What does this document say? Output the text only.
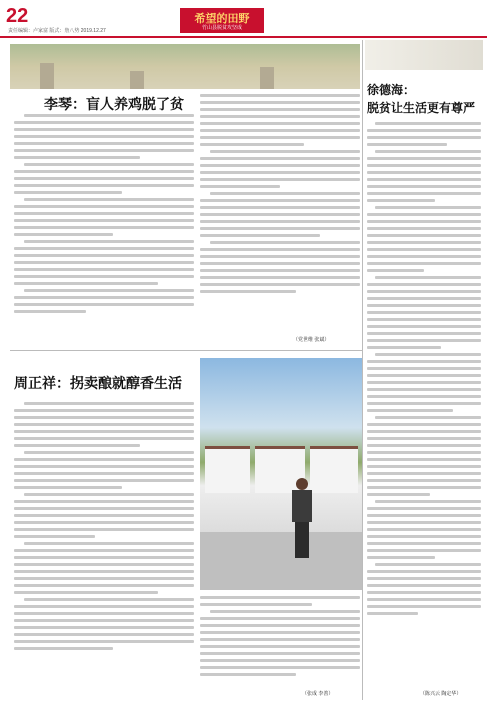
22
责任编辑：卢家富 版式：詹八势 2019.12.27
希望的田野
竹山县脱贫攻坚成
李琴：盲人养鸡脱了贫
（党世维 张斌）
周正祥：拐卖酿就醇香生活
（张成 李善）
徐德海：
脱贫让生活更有尊严
（陈兴云 陶定华）
